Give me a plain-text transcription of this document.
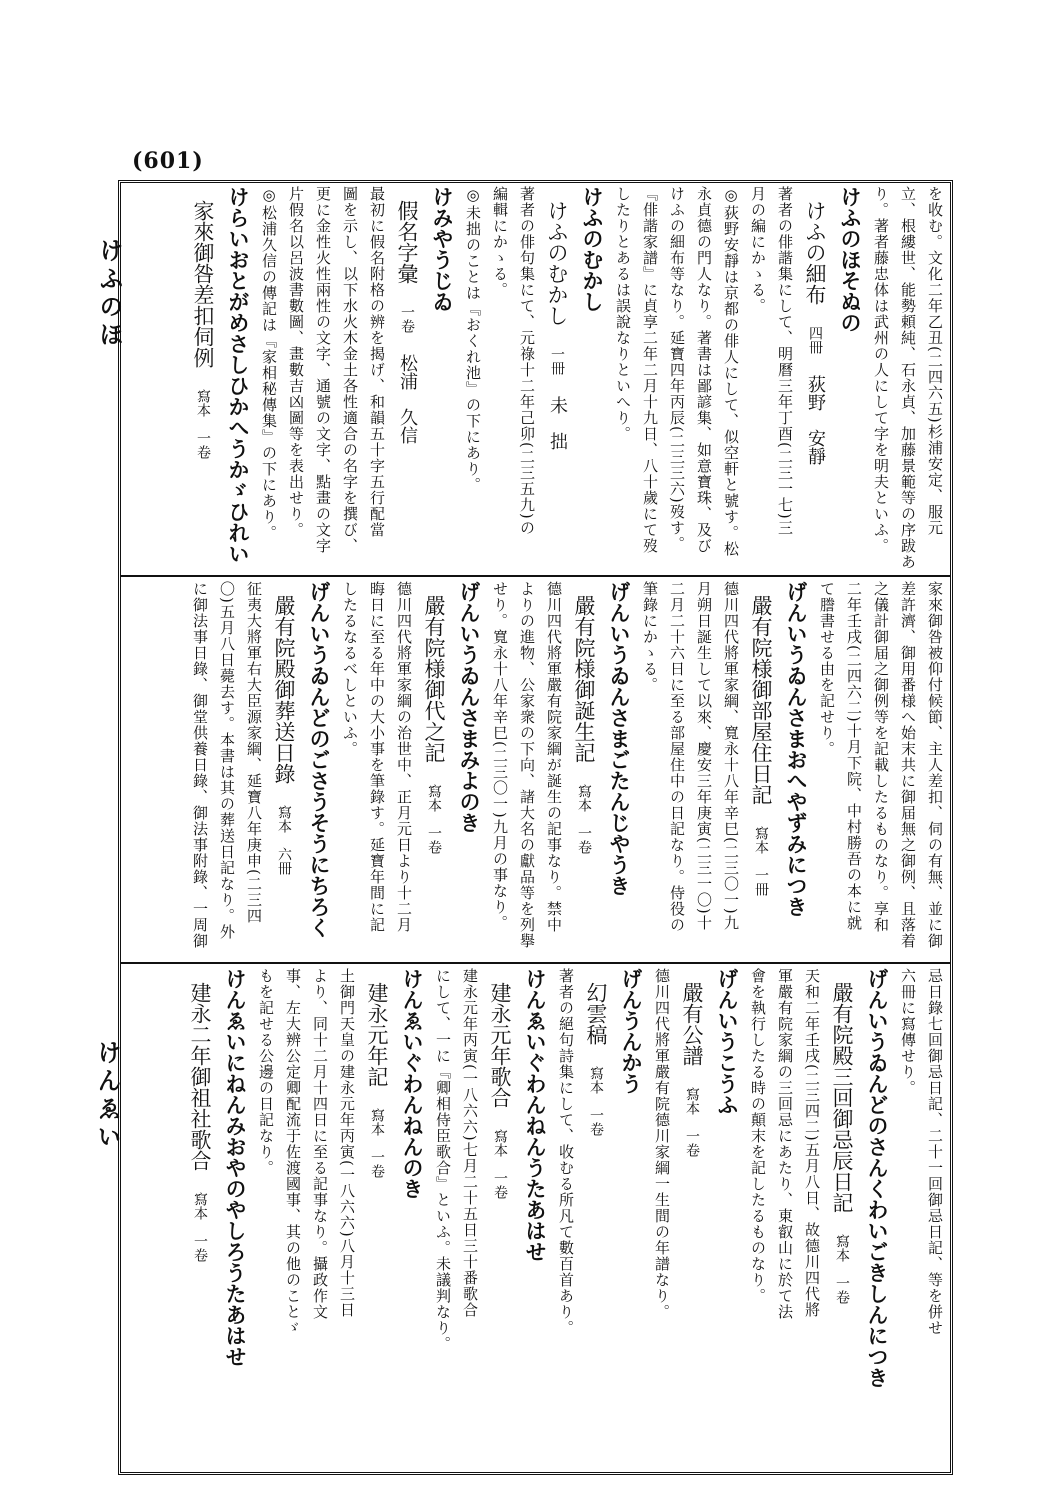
(601)
けふのほ
けんゑい
を收む。文化二年乙丑(二四六五)杉浦安定、服元
立、根縷世、能勢頼純、石永貞、加藤景範等の序跋あ
り。著者藤忠体は武州の人にして字を明夫といふ。
けふのほそぬの
けふの細布　四冊　荻野　安靜
著者の俳諧集にして、明曆三年丁酉(二三一七)三
月の編にかゝる。
◎荻野安靜は京都の俳人にして、似空軒と號す。松
永貞德の門人なり。著書は鄙諺集、如意寶珠、及び
けふの細布等なり。延寶四年丙辰(二三三六)歿す。
『俳諧家譜』に貞享二年二月十九日、八十歲にて歿
したりとあるは誤說なりといへり。
けふのむかし
けふのむかし　一冊　未　拙
著者の俳句集にて、元祿十二年己卯(二三五九)の
編輯にかゝる。
◎未拙のことは『おくれ池』の下にあり。
けみやうじゐ
假名字彙　一卷　松浦　久信
最初に假名附格の辨を揭げ、和韻五十字五行配當
圖を示し、以下水火木金土各性適合の名字を撰び、
更に金性火性兩性の文字、通號の文字、點畫の文字
片假名以呂波書數圖、畫數吉凶圖等を表出せり。
◎松浦久信の傳記は『家相秘傳集』の下にあり。
けらいおとがめさしひかへうかゞひれい
家來御咎差扣伺例　寫本　一卷　
家來御咎被仰付候節、主人差扣、伺の有無、並に御
差許濟、御用番様へ始末共に御届無之御例、且落着
之儀計御届之御例等を記載したるものなり。享和
二年壬戌(二四六二)十月下院、中村勝吾の本に就
て謄書せる由を記せり。
げんいうゐんさまおへやずみにつき
嚴有院様御部屋住日記　寫本　一冊　
德川四代將軍家綱、寬永十八年辛巳(二三〇一)九
月朔日誕生して以來、慶安三年庚寅(二三一〇)十
二月二十六日に至る部屋住中の日記なり。侍役の
筆錄にかゝる。
げんいうゐんさまごたんじやうき
嚴有院様御誕生記　寫本　一卷　
德川四代將軍嚴有院家綱が誕生の記事なり。禁中
よりの進物、公家衆の下向、諸大名の獻品等を列擧
せり。寬永十八年辛巳(二三〇一)九月の事なり。
げんいうゐんさまみよのき
嚴有院様御代之記　寫本　一卷　
德川四代將軍家綱の治世中、正月元日より十二月
晦日に至る年中の大小事を筆錄す。延寶年間に記
したるなるべしといふ。
げんいうゐんどのごさうそうにちろく
嚴有院殿御葬送日錄　寫本　六冊　
征夷大將軍右大臣源家綱、延寶八年庚申(二三四
〇)五月八日薨去す。本書は其の葬送日記なり。外
に御法事日錄、御堂供養日錄、御法事附錄、一周御
忌日錄七回御忌日記、二十一回御忌日記、等を併せ
六冊に寫傳せり。
げんいうゐんどのさんくわいごきしんにつき
嚴有院殿三回御忌辰日記　寫本　一卷　
天和二年壬戌(二三四二)五月八日、故德川四代將
軍嚴有院家綱の三回忌にあたり、東叡山に於て法
會を執行したる時の顛末を記したるものなり。
げんいうこうふ
嚴有公譜　寫本　一卷　
德川四代將軍嚴有院德川家綱一生間の年譜なり。
げんうんかう
幻雲稿　寫本　一卷　
著者の絕句詩集にして、收むる所凡て數百首あり。
けんゑいぐわんねんうたあはせ
建永元年歌合　寫本　一卷　
建永元年丙寅(一八六六)七月二十五日三十番歌合
にして、一に『卿相侍臣歌合』といふ。未議判なり。
けんゑいぐわんねんのき
建永元年記　寫本　一卷　
土御門天皇の建永元年丙寅(一八六六)八月十三日
より、同十二月十四日に至る記事なり。攝政作文
事、左大辨公定卿配流于佐渡國事、其の他のことゞ
もを記せる公邊の日記なり。
けんゑいにねんみおやのやしろうたあはせ
建永二年御祖社歌合　寫本　一卷　
